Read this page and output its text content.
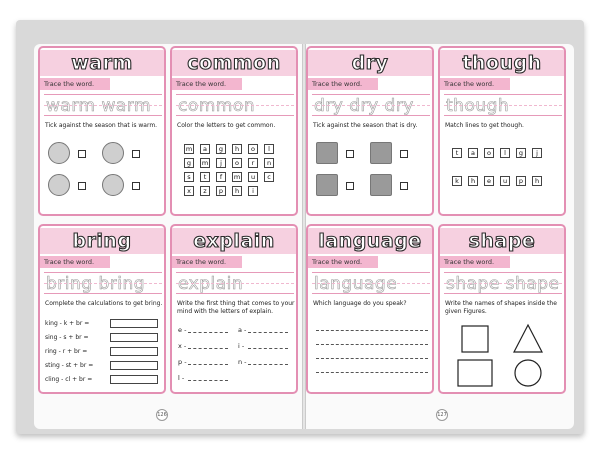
warm
Trace the word.
warm warm
Tick against the season that is warm.
common
Trace the word.
common
Color the letters to get common.
m	a	g	h	o	l
g	m	j	o	r	n
s	t	f	m	u	c
x	z	p	h	i
bring
Trace the word.
bring bring
Complete the calculations to get bring.
king - k + br =
sing - s + br =
ring - r + br =
sting - st + br =
cling - cl + br =
explain
Trace the word.
explain
Write the first thing that comes to your mind with the letters of explain.
e -	a -
x -	i -
p -	n -
l -
dry
Trace the word.
dry dry dry
Tick against the season that is dry.
though
Trace the word.
though
Match lines to get though.
t	a	o	l	g	j
k	h	e	u	p	h
language
Trace the word.
language
Which language do you speak?
shape
Trace the word.
shape shape
Write the names of shapes inside the given Figures.
126	127
